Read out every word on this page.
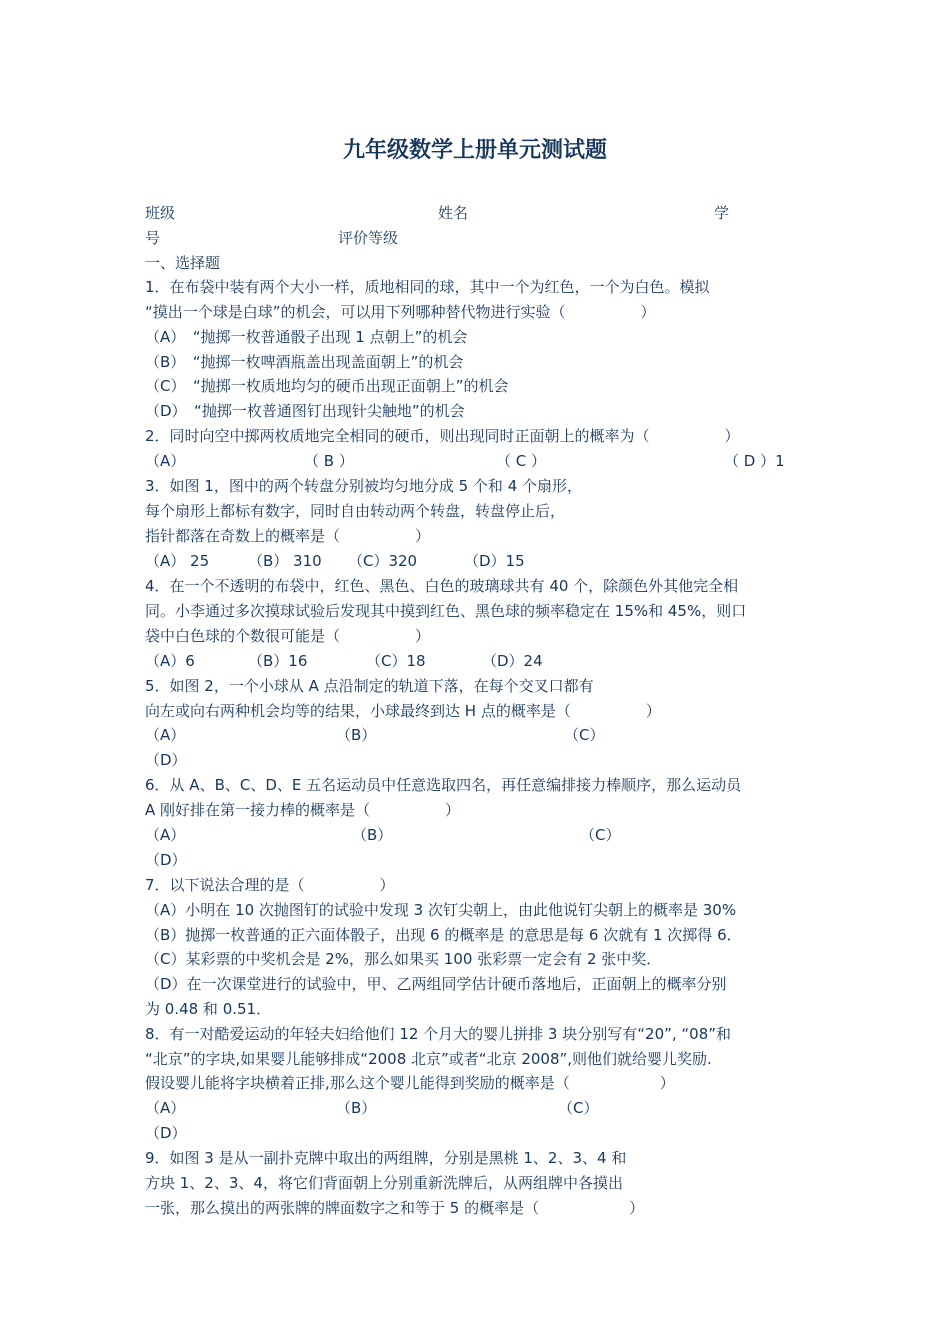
九年级数学上册单元测试题
班级	姓名	学
号	评价等级
一、选择题
1．在布袋中装有两个大小一样，质地相同的球，其中一个为红色，一个为白色。模拟
“摸出一个球是白球”的机会，可以用下列哪种替代物进行实验（　　　　　）
（A）　“抛掷一枚普通骰子出现 1 点朝上”的机会
（B）　“抛掷一枚啤酒瓶盖出现盖面朝上”的机会
（C）　“抛掷一枚质地均匀的硬币出现正面朝上”的机会
（D）　“抛掷一枚普通图钉出现针尖触地”的机会
2．同时向空中掷两枚质地完全相同的硬币，则出现同时正面朝上的概率为（　　　　　）
（A）	（ B ）	（ C ）	（ D ）1
3．如图 1，图中的两个转盘分别被均匀地分成 5 个和 4 个扇形，
每个扇形上都标有数字，同时自由转动两个转盘，转盘停止后，
指针都落在奇数上的概率是（　　　　　）
（A） 25	（B） 310 （C）320	（D）15
4．在一个不透明的布袋中，红色、黑色、白色的玻璃球共有 40 个，除颜色外其他完全相
同。小李通过多次摸球试验后发现其中摸到红色、黑色球的频率稳定在 15%和 45%，则口
袋中白色球的个数很可能是（　　　　　）
（A）6	（B）16	（C）18	（D）24
5．如图 2，一个小球从 A 点沿制定的轨道下落，在每个交叉口都有
向左或向右两种机会均等的结果，小球最终到达 H 点的概率是（　　　　　）
（A）	（B）	（C）
（D）
6．从 A、B、C、D、E 五名运动员中任意选取四名，再任意编排接力棒顺序，那么运动员
A 刚好排在第一接力棒的概率是（　　　　　）
（A）	（B）	（C）
（D）
7．以下说法合理的是（　　　　　）
（A）小明在 10 次抛图钉的试验中发现 3 次钉尖朝上，由此他说钉尖朝上的概率是 30%
（B）抛掷一枚普通的正六面体骰子，出现 6 的概率是 的意思是每 6 次就有 1 次掷得 6．
（C）某彩票的中奖机会是 2%，那么如果买 100 张彩票一定会有 2 张中奖．
（D）在一次课堂进行的试验中，甲、乙两组同学估计硬币落地后，正面朝上的概率分别
为 0.48 和 0.51．
8．有一对酷爱运动的年轻夫妇给他们 12 个月大的婴儿拼排 3 块分别写有“20”, “08”和
“北京”的字块,如果婴儿能够排成“2008 北京”或者“北京 2008”,则他们就给婴儿奖励.
假设婴儿能将字块横着正排,那么这个婴儿能得到奖励的概率是（　　　　　　）
（A）	（B）	（C）
（D）
9．如图 3 是从一副扑克牌中取出的两组牌，分别是黑桃 1、2、3、4 和
方块 1、2、3、4，将它们背面朝上分别重新洗牌后，从两组牌中各摸出
一张，那么摸出的两张牌的牌面数字之和等于 5 的概率是（　　　　　　）
